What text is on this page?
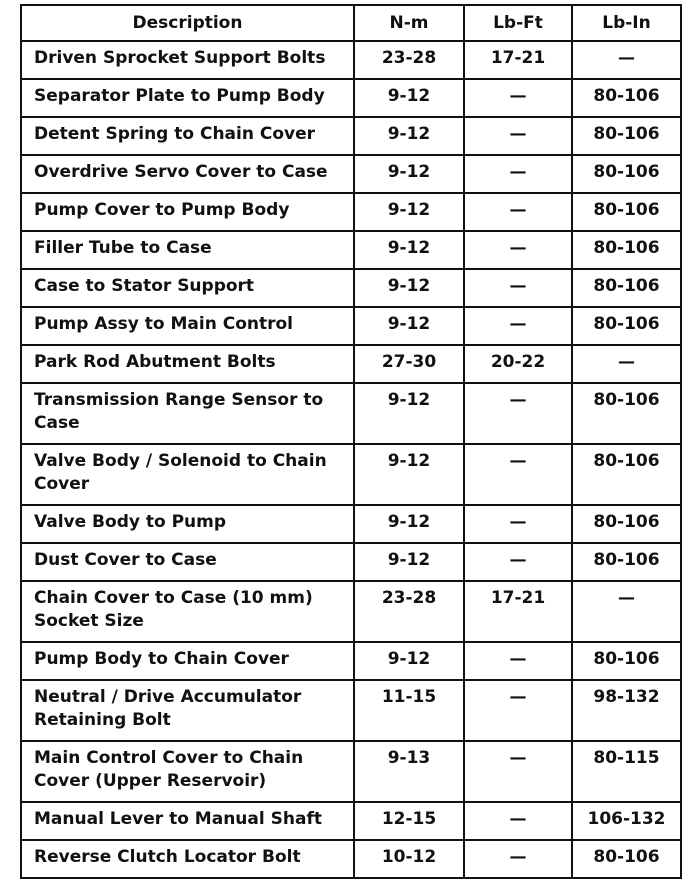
Description	N-m	Lb-Ft	Lb-In
Driven Sprocket Support Bolts	23-28	17-21	—
Separator Plate to Pump Body	9-12	—	80-106
Detent Spring to Chain Cover	9-12	—	80-106
Overdrive Servo Cover to Case	9-12	—	80-106
Pump Cover to Pump Body	9-12	—	80-106
Filler Tube to Case	9-12	—	80-106
Case to Stator Support	9-12	—	80-106
Pump Assy to Main Control	9-12	—	80-106
Park Rod Abutment Bolts	27-30	20-22	—
Transmission Range Sensor to Case	9-12	—	80-106
Valve Body / Solenoid to Chain Cover	9-12	—	80-106
Valve Body to Pump	9-12	—	80-106
Dust Cover to Case	9-12	—	80-106
Chain Cover to Case (10 mm) Socket Size	23-28	17-21	—
Pump Body to Chain Cover	9-12	—	80-106
Neutral / Drive Accumulator Retaining Bolt	11-15	—	98-132
Main Control Cover to Chain Cover (Upper Reservoir)	9-13	—	80-115
Manual Lever to Manual Shaft	12-15	—	106-132
Reverse Clutch Locator Bolt	10-12	—	80-106
